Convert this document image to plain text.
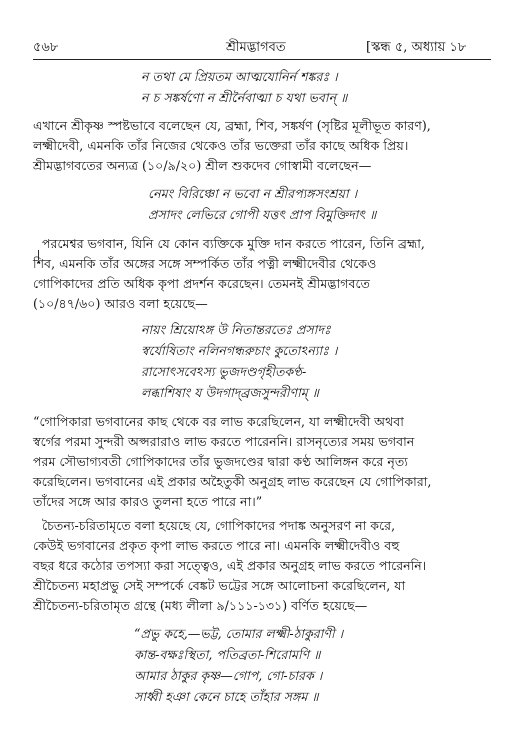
৫৬৮	শ্রীমদ্ভাগবত	[স্কন্ধ ৫, অধ্যায় ১৮
ন তথা মে প্রিয়তম আত্মযোনির্ন শঙ্করঃ ।
ন চ সঙ্কর্ষণো ন শ্রীর্নৈবাত্মা চ যথা ভবান্ ॥
এখানে শ্রীকৃষ্ণ স্পষ্টভাবে বলেছেন যে, ব্রহ্মা, শিব, সঙ্কর্ষণ (সৃষ্টির মূলীভূত কারণ),
লক্ষ্মীদেবী, এমনকি তাঁর নিজের থেকেও তাঁর ভক্তেরা তাঁর কাছে অধিক প্রিয়।
শ্রীমদ্ভাগবতের অন্যত্র (১০/৯/২০) শ্রীল শুকদেব গোস্বামী বলেছেন—
নেমং বিরিঞ্চো ন ভবো ন শ্রীরপ্যঙ্গসংশ্রয়া ।
প্রসাদং লেভিরে গোপী যত্তৎ প্রাপ বিমুক্তিদাৎ ॥
পরমেশ্বর ভগবান, যিনি যে কোন ব্যক্তিকে মুক্তি দান করতে পারেন, তিনি ব্রহ্মা,
শিব, এমনকি তাঁর অঙ্গের সঙ্গে সম্পর্কিত তাঁর পত্নী লক্ষ্মীদেবীর থেকেও
গোপিকাদের প্রতি অধিক কৃপা প্রদর্শন করেছেন। তেমনই শ্রীমদ্ভাগবতে
(১০/৪৭/৬০) আরও বলা হয়েছে—
নায়ং শ্রিয়োঽঙ্গ উ নিতান্তরতেঃ প্রসাদঃ
স্বর্যোষিতাং নলিনগন্ধরুচাং কুতোঽন্যাঃ ।
রাসোৎসবেঽস্য ভুজদণ্ডগৃহীতকণ্ঠ-
লব্ধাশিষাং য উদগাদ্‌ব্রজসুন্দরীণাম্ ॥
“গোপিকারা ভগবানের কাছ থেকে বর লাভ করেছিলেন, যা লক্ষ্মীদেবী অথবা
স্বর্গের পরমা সুন্দরী অপ্সরারাও লাভ করতে পারেননি। রাসনৃত্যের সময় ভগবান
পরম সৌভাগ্যবতী গোপিকাদের তাঁর ভুজদণ্ডের দ্বারা কণ্ঠ আলিঙ্গন করে নৃত্য
করেছিলেন। ভগবানের এই প্রকার অহৈতুকী অনুগ্রহ লাভ করেছেন যে গোপিকারা,
তাঁদের সঙ্গে আর কারও তুলনা হতে পারে না।”
চৈতন্য-চরিতামৃতে বলা হয়েছে যে, গোপিকাদের পদাঙ্ক অনুসরণ না করে,
কেউই ভগবানের প্রকৃত কৃপা লাভ করতে পারে না। এমনকি লক্ষ্মীদেবীও বহু
বছর ধরে কঠোর তপস্যা করা সত্ত্বেও, এই প্রকার অনুগ্রহ লাভ করতে পারেননি।
শ্রীচৈতন্য মহাপ্রভু সেই সম্পর্কে বেঙ্কট ভট্টের সঙ্গে আলোচনা করেছিলেন, যা
শ্রীচৈতন্য-চরিতামৃত গ্রন্থে (মধ্য লীলা ৯/১১১-১৩১) বর্ণিত হয়েছে—
“প্রভু কহে,—ভট্ট, তোমার লক্ষ্মী-ঠাকুরাণী ।
কান্ত-বক্ষঃস্থিতা, পতিব্রতা-শিরোমণি ॥
আমার ঠাকুর কৃষ্ণ—গোপ, গো-চারক ।
সাধ্বী হঞা কেনে চাহে তাঁহার সঙ্গম ॥
